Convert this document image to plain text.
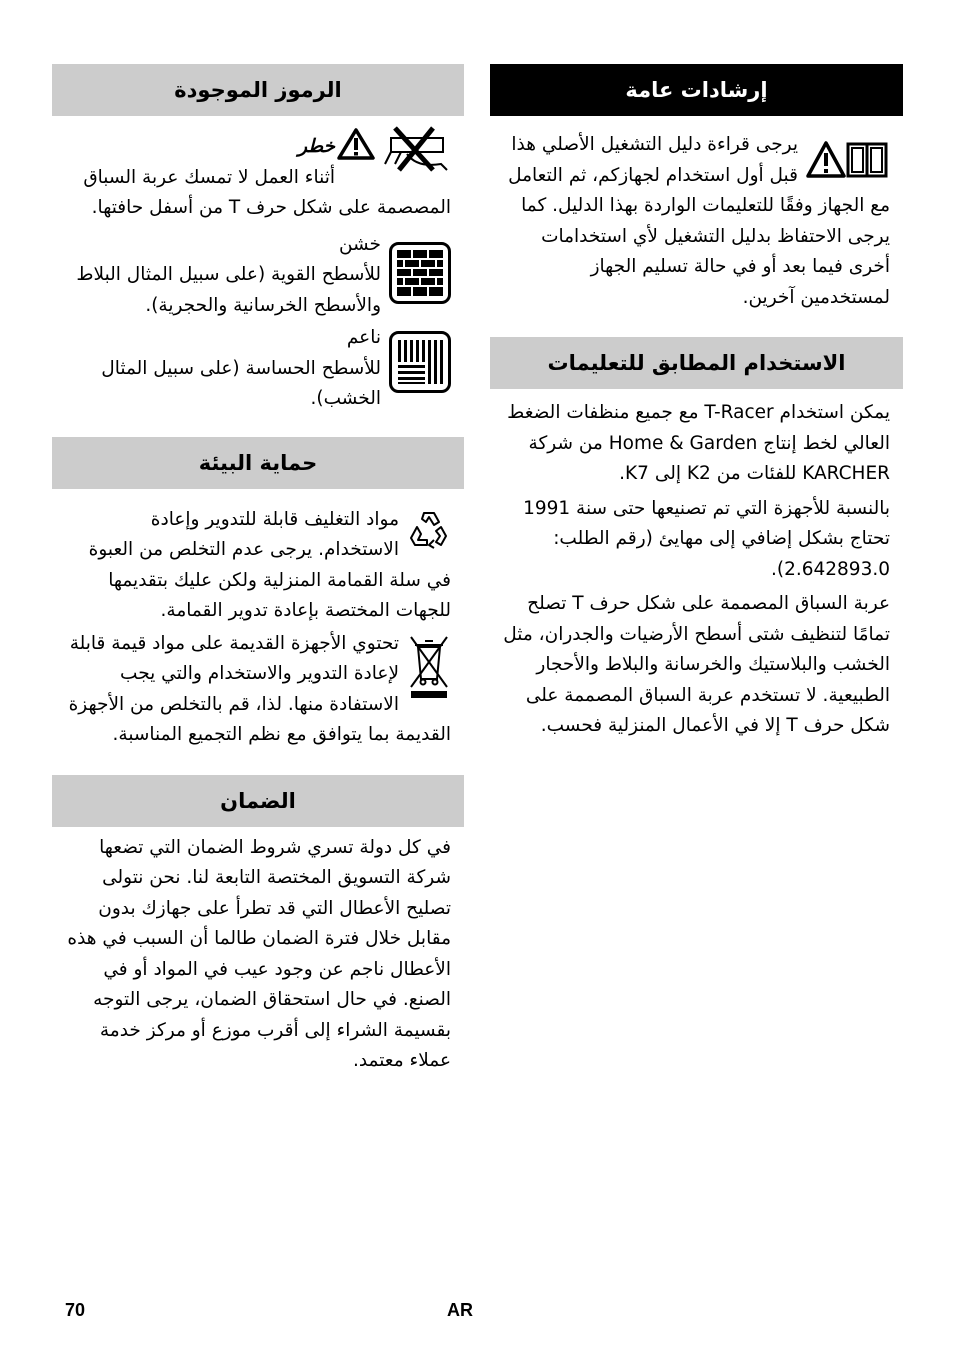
إرشادات عامة

يرجى قراءة دليل التشغيل الأصلي هذا قبل أول استخدام لجهازكم، ثم التعامل مع الجهاز وفقًا للتعليمات الواردة بهذا الدليل. كما يرجى الاحتفاظ بدليل التشغيل لأي استخدامات أخرى فيما بعد أو في حالة تسليم الجهاز لمستخدمين آخرين.

الاستخدام المطابق للتعليمات

يمكن استخدام T-Racer مع جميع منظفات الضغط العالي لخط إنتاج Home & Garden من شركة KARCHER للفئات من K2 إلى K7.

بالنسبة للأجهزة التي تم تصنيعها حتى سنة 1991 تحتاج بشكل إضافي إلى مهايئ (رقم الطلب: 2.642893.0).

عربة السباق المصممة على شكل حرف T تصلح تمامًا لتنظيف شتى أسطح الأرضيات والجدران، مثل الخشب والبلاستيك والخرسانة والبلاط والأحجار الطبيعية. لا تستخدم عربة السباق المصممة على شكل حرف T إلا في الأعمال المنزلية فحسب.

الرموز الموجودة

خطر

أثناء العمل لا تمسك عربة السباق المصصمة على شكل حرف T من أسفل حافتها.

خشن

للأسطح القوية (على سبيل المثال البلاط والأسطح الخرسانية والحجرية).

ناعم

للأسطح الحساسة (على سبيل المثال الخشب).

حماية البيئة

مواد التغليف قابلة للتدوير وإعادة الاستخدام. يرجى عدم التخلص من العبوة في سلة القمامة المنزلية ولكن عليك بتقديمها للجهات المختصة بإعادة تدوير القمامة.

تحتوي الأجهزة القديمة على مواد قيمة قابلة لإعادة التدوير والاستخدام والتي يجب الاستفادة منها. لذا، قم بالتخلص من الأجهزة القديمة بما يتوافق مع نظم التجميع المناسبة.

الضمان

في كل دولة تسري شروط الضمان التي تضعها شركة التسويق المختصة التابعة لنا. نحن نتولى تصليح الأعطال التي قد تطرأ على جهازك بدون مقابل خلال فترة الضمان طالما أن السبب في هذه الأعطال ناجم عن وجود عيب في المواد أو في الصنع. في حال استحقاق الضمان، يرجى التوجه بقسيمة الشراء إلى أقرب موزع أو مركز خدمة عملاء معتمد.

70	AR
